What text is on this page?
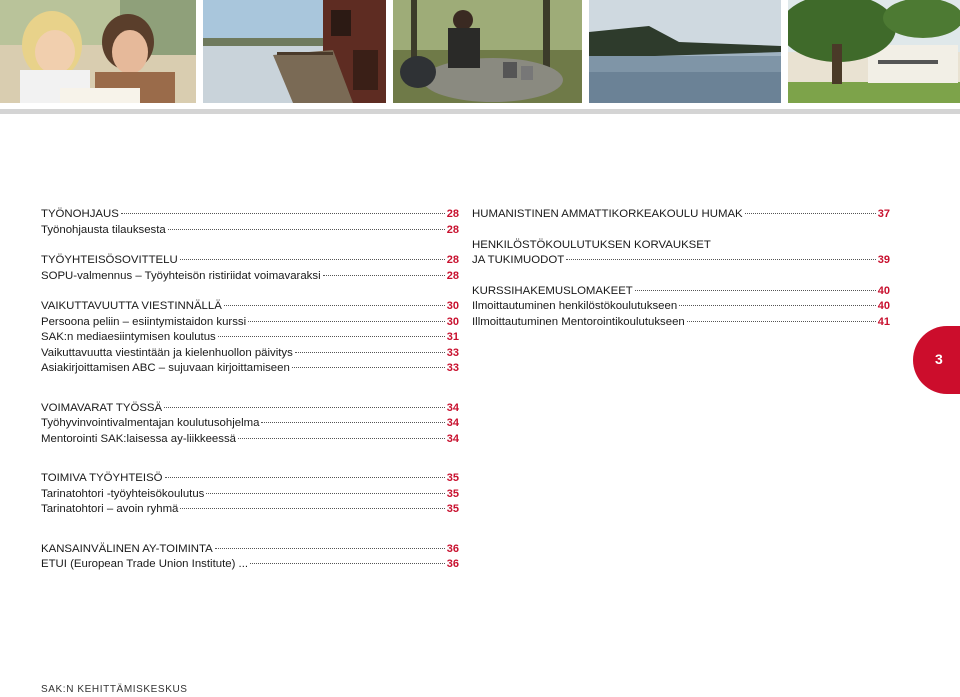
TYÖNOHJAUS	28
Työnohjausta tilauksesta	28
TYÖYHTEISÖSOVITTELU	28
SOPU-valmennus – Työyhteisön ristiriidat voimavaraksi	28
VAIKUTTAVUUTTA VIESTINNÄLLÄ	30
Persoona peliin – esiintymistaidon kurssi	30
SAK:n mediaesiintymisen koulutus	31
Vaikuttavuutta viestintään ja kielenhuollon päivitys	33
Asiakirjoittamisen ABC – sujuvaan kirjoittamiseen	33
VOIMAVARAT TYÖSSÄ	34
Työhyvinvointivalmentajan koulutusohjelma	34
Mentorointi SAK:laisessa ay-liikkeessä	34
TOIMIVA TYÖYHTEISÖ	35
Tarinatohtori -työyhteisökoulutus	35
Tarinatohtori – avoin ryhmä	35
KANSAINVÄLINEN AY-TOIMINTA	36
ETUI (European Trade Union Institute) ...	36
HUMANISTINEN AMMATTIKORKEAKOULU HUMAK	37
HENKILÖSTÖKOULUTUKSEN KORVAUKSET
JA TUKIMUODOT	39
KURSSIHAKEMUSLOMAKEET	40
Ilmoittautuminen henkilöstökoulutukseen	40
Illmoittautuminen Mentorointikoulutukseen	41
3
SAK:N KEHITTÄMISKESKUS
